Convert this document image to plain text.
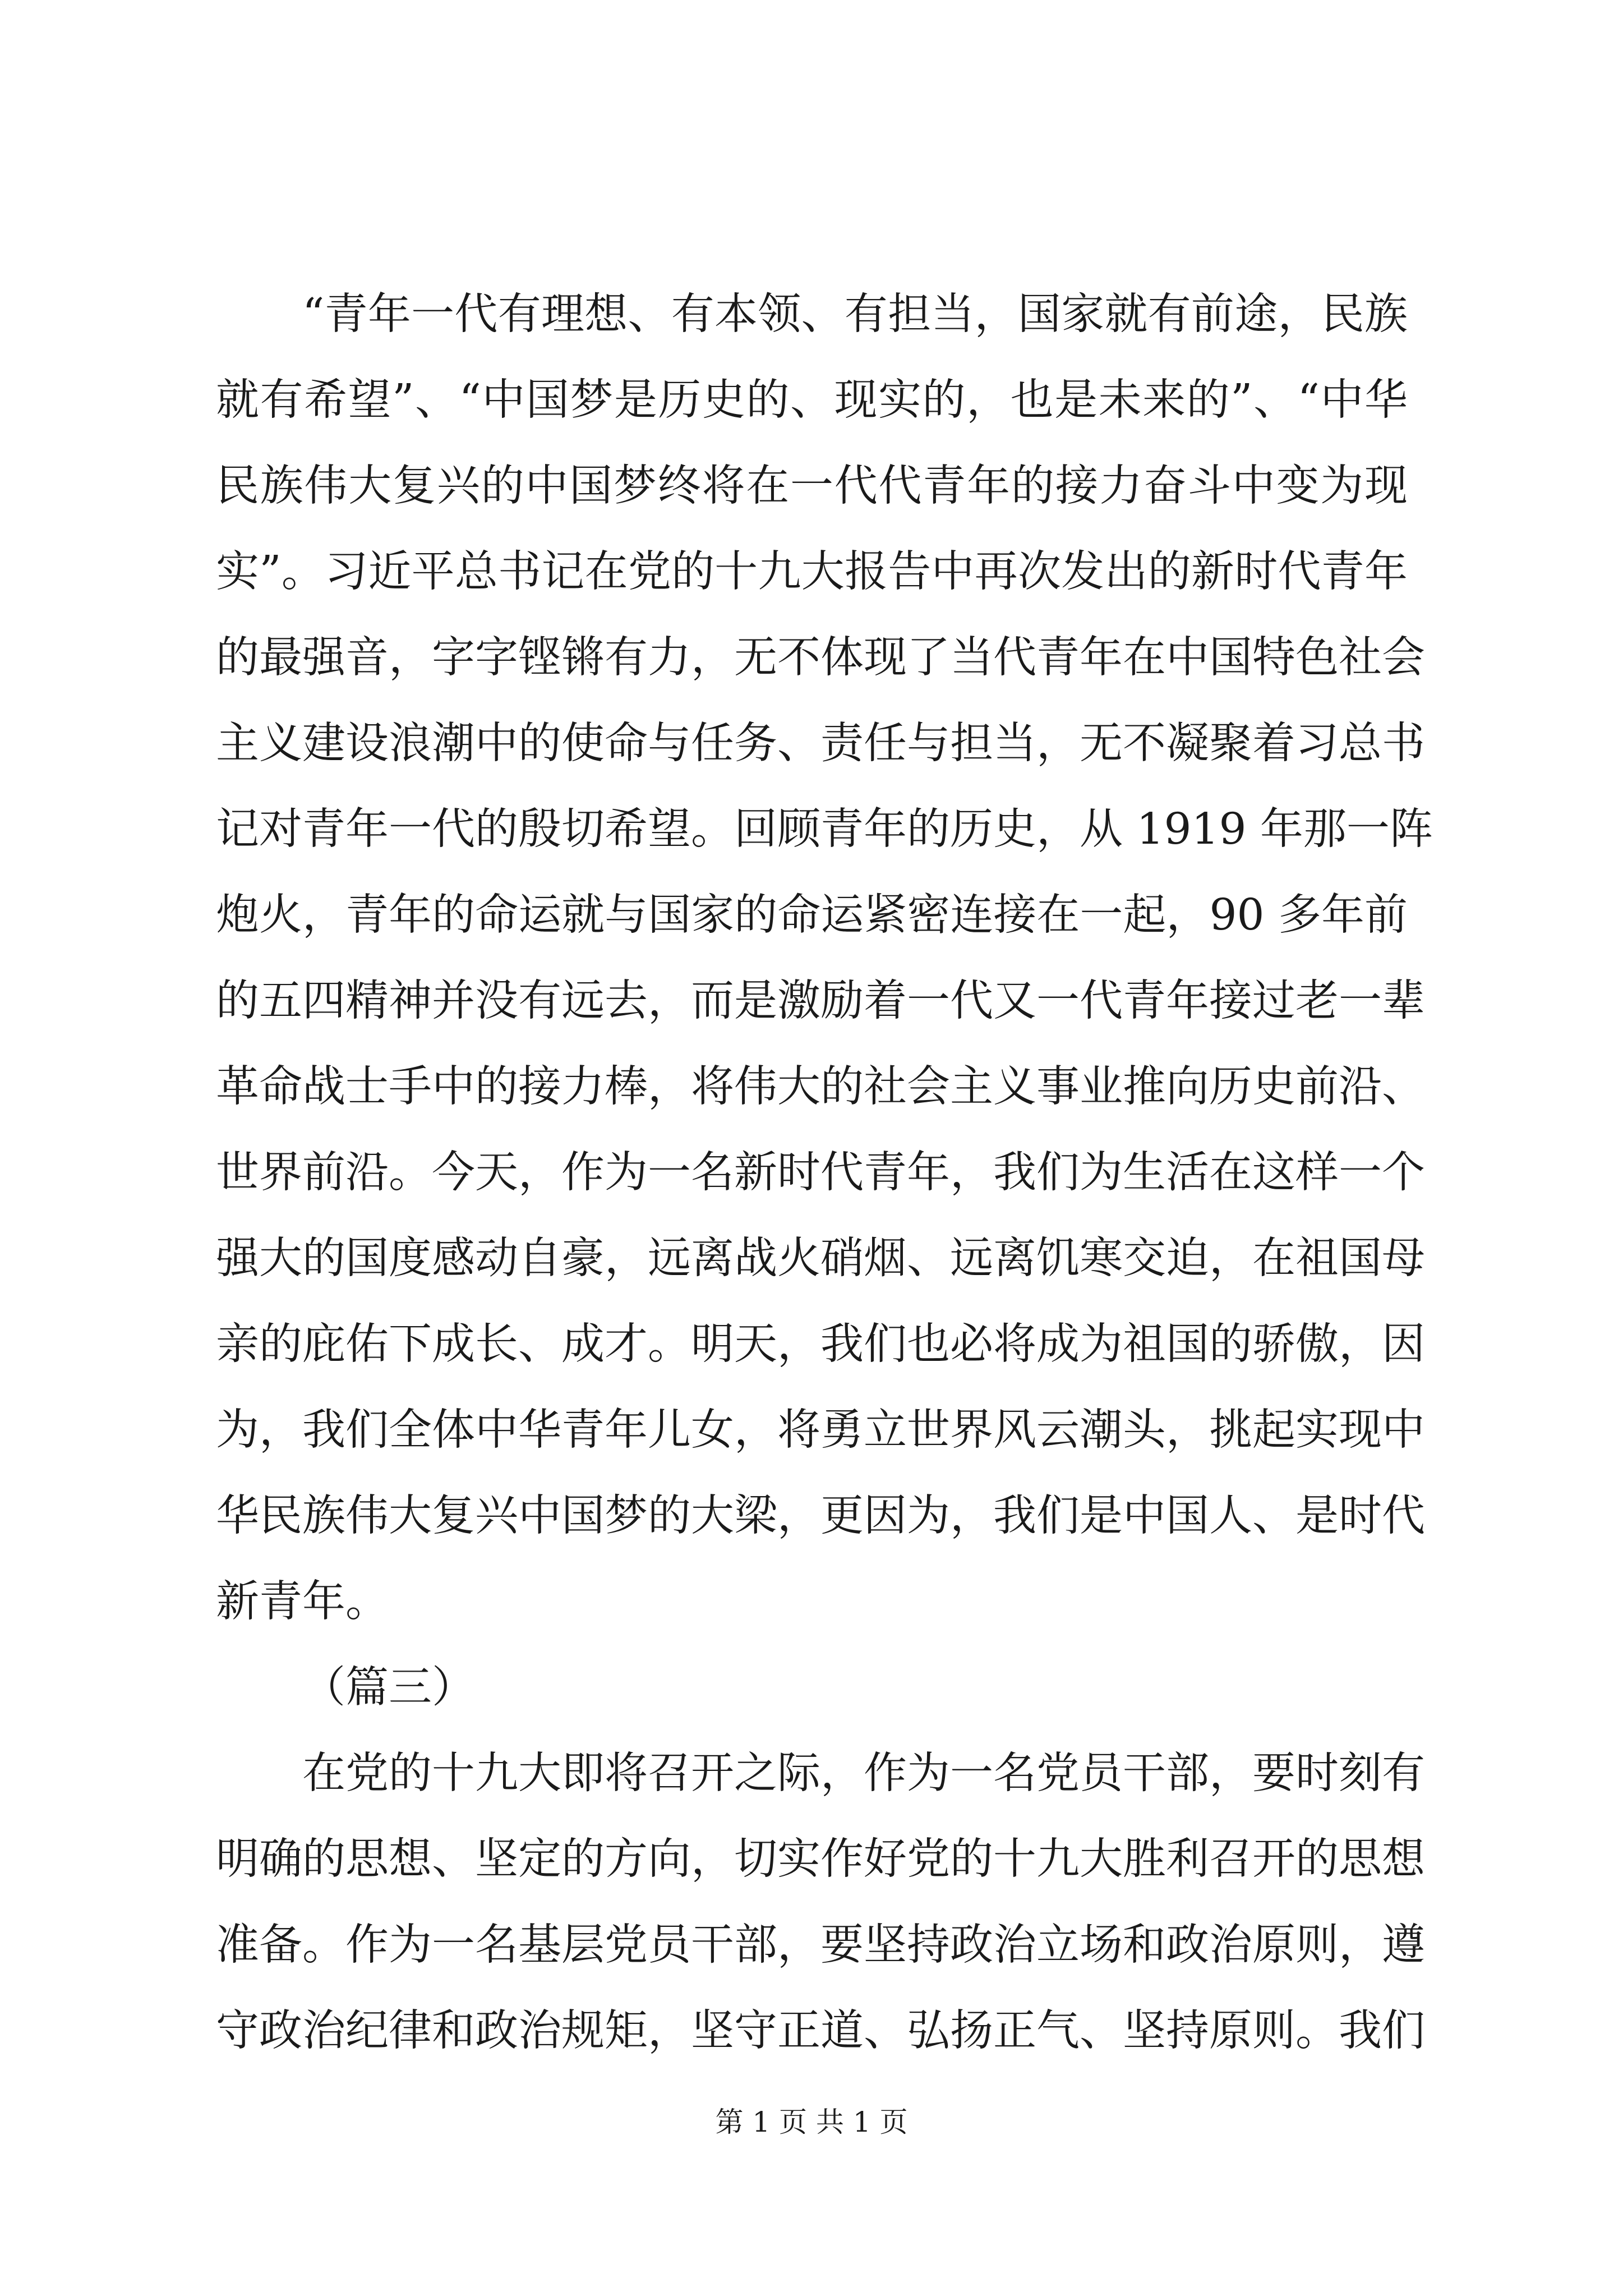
“青年一代有理想、有本领、有担当，国家就有前途，民族

就有希望”、“中国梦是历史的、现实的，也是未来的”、“中华

民族伟大复兴的中国梦终将在一代代青年的接力奋斗中变为现

实”。习近平总书记在党的十九大报告中再次发出的新时代青年

的最强音，字字铿锵有力，无不体现了当代青年在中国特色社会

主义建设浪潮中的使命与任务、责任与担当，无不凝聚着习总书

记对青年一代的殷切希望。回顾青年的历史，从 1919 年那一阵

炮火，青年的命运就与国家的命运紧密连接在一起，90 多年前

的五四精神并没有远去，而是激励着一代又一代青年接过老一辈

革命战士手中的接力棒，将伟大的社会主义事业推向历史前沿、

世界前沿。今天，作为一名新时代青年，我们为生活在这样一个

强大的国度感动自豪，远离战火硝烟、远离饥寒交迫，在祖国母

亲的庇佑下成长、成才。明天，我们也必将成为祖国的骄傲，因

为，我们全体中华青年儿女，将勇立世界风云潮头，挑起实现中

华民族伟大复兴中国梦的大梁，更因为，我们是中国人、是时代

新青年。

（篇三）

在党的十九大即将召开之际，作为一名党员干部，要时刻有

明确的思想、坚定的方向，切实作好党的十九大胜利召开的思想

准备。作为一名基层党员干部，要坚持政治立场和政治原则，遵

守政治纪律和政治规矩，坚守正道、弘扬正气、坚持原则。我们

第 1 页 共 1 页
